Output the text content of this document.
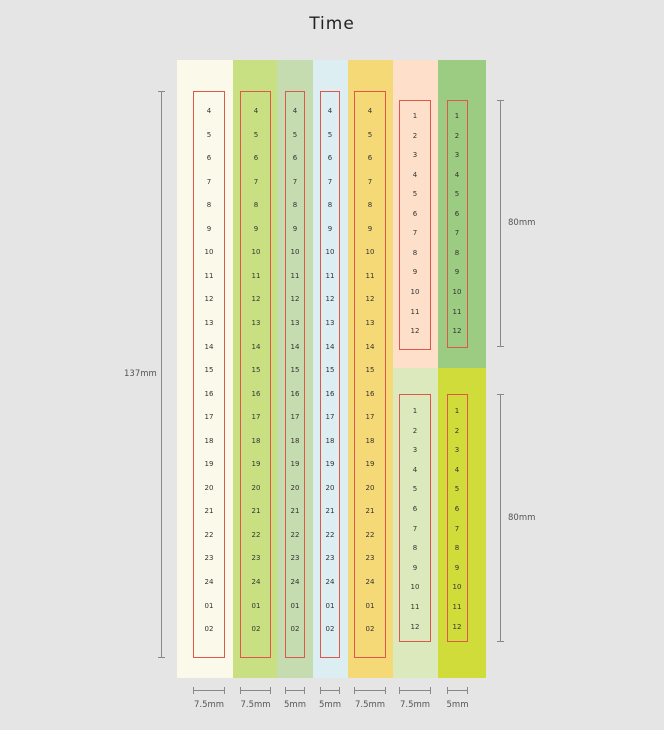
Time
4
5
6
7
8
9
10
11
12
13
14
15
16
17
18
19
20
21
22
23
24
01
02
4
5
6
7
8
9
10
11
12
13
14
15
16
17
18
19
20
21
22
23
24
01
02
4
5
6
7
8
9
10
11
12
13
14
15
16
17
18
19
20
21
22
23
24
01
02
4
5
6
7
8
9
10
11
12
13
14
15
16
17
18
19
20
21
22
23
24
01
02
4
5
6
7
8
9
10
11
12
13
14
15
16
17
18
19
20
21
22
23
24
01
02
1
2
3
4
5
6
7
8
9
10
11
12
1
2
3
4
5
6
7
8
9
10
11
12
1
2
3
4
5
6
7
8
9
10
11
12
1
2
3
4
5
6
7
8
9
10
11
12
137mm
80mm
80mm
7.5mm	7.5mm	5mm	5mm	7.5mm	7.5mm	5mm
